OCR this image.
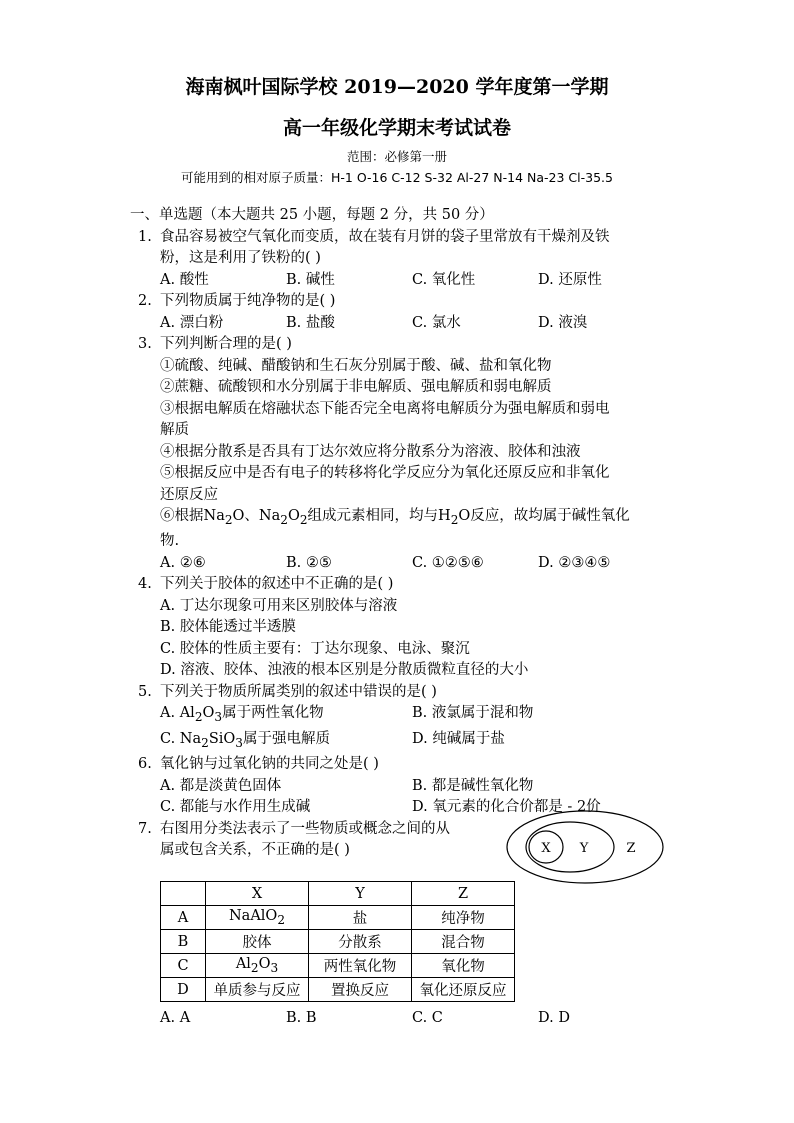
海南枫叶国际学校 2019—2020 学年度第一学期
高一年级化学期末考试试卷
范围：必修第一册
可能用到的相对原子质量：H-1 O-16 C-12 S-32 Al-27 N-14 Na-23 Cl-35.5
一、单选题（本大题共 25 小题，每题 2 分，共 50 分）
1. 食品容易被空气氧化而变质，故在装有月饼的袋子里常放有干燥剂及铁
粉，这是利用了铁粉的( )
A. 酸性	B. 碱性	C. 氧化性	D. 还原性
2. 下列物质属于纯净物的是( )
A. 漂白粉	B. 盐酸	C. 氯水	D. 液溴
3. 下列判断合理的是( )
①硫酸、纯碱、醋酸钠和生石灰分别属于酸、碱、盐和氧化物
②蔗糖、硫酸钡和水分别属于非电解质、强电解质和弱电解质
③根据电解质在熔融状态下能否完全电离将电解质分为强电解质和弱电
解质
④根据分散系是否具有丁达尔效应将分散系分为溶液、胶体和浊液
⑤根据反应中是否有电子的转移将化学反应分为氧化还原反应和非氧化
还原反应
⑥根据$Na_2O$、$Na_2O_2$组成元素相同，均与$H_2O$反应，故均属于碱性氧化
物.
A. ②⑥	B. ②⑤	C. ①②⑤⑥	D. ②③④⑤
4. 下列关于胶体的叙述中不正确的是( )
A. 丁达尔现象可用来区别胶体与溶液
B. 胶体能透过半透膜
C. 胶体的性质主要有：丁达尔现象、电泳、聚沉
D. 溶液、胶体、浊液的根本区别是分散质微粒直径的大小
5. 下列关于物质所属类别的叙述中错误的是( )
A. $Al_2O_3$属于两性氧化物	B. 液氯属于混和物
C. $Na_2SiO_3$属于强电解质	D. 纯碱属于盐
6. 氧化钠与过氧化钠的共同之处是( )
A. 都是淡黄色固体	B. 都是碱性氧化物
C. 都能与水作用生成碱	D. 氧元素的化合价都是 - 2价
7. 右图用分类法表示了一些物质或概念之间的从
属或包含关系，不正确的是( )	X Y	Z
	X	Y	Z
A	NaAlO$_2$	盐	纯净物
B	胶体	分散系	混合物
C	$Al_2O_3$	两性氧化物	氧化物
D	单质参与反应	置换反应	氧化还原反应
A. A	B. B	C. C	D. D
